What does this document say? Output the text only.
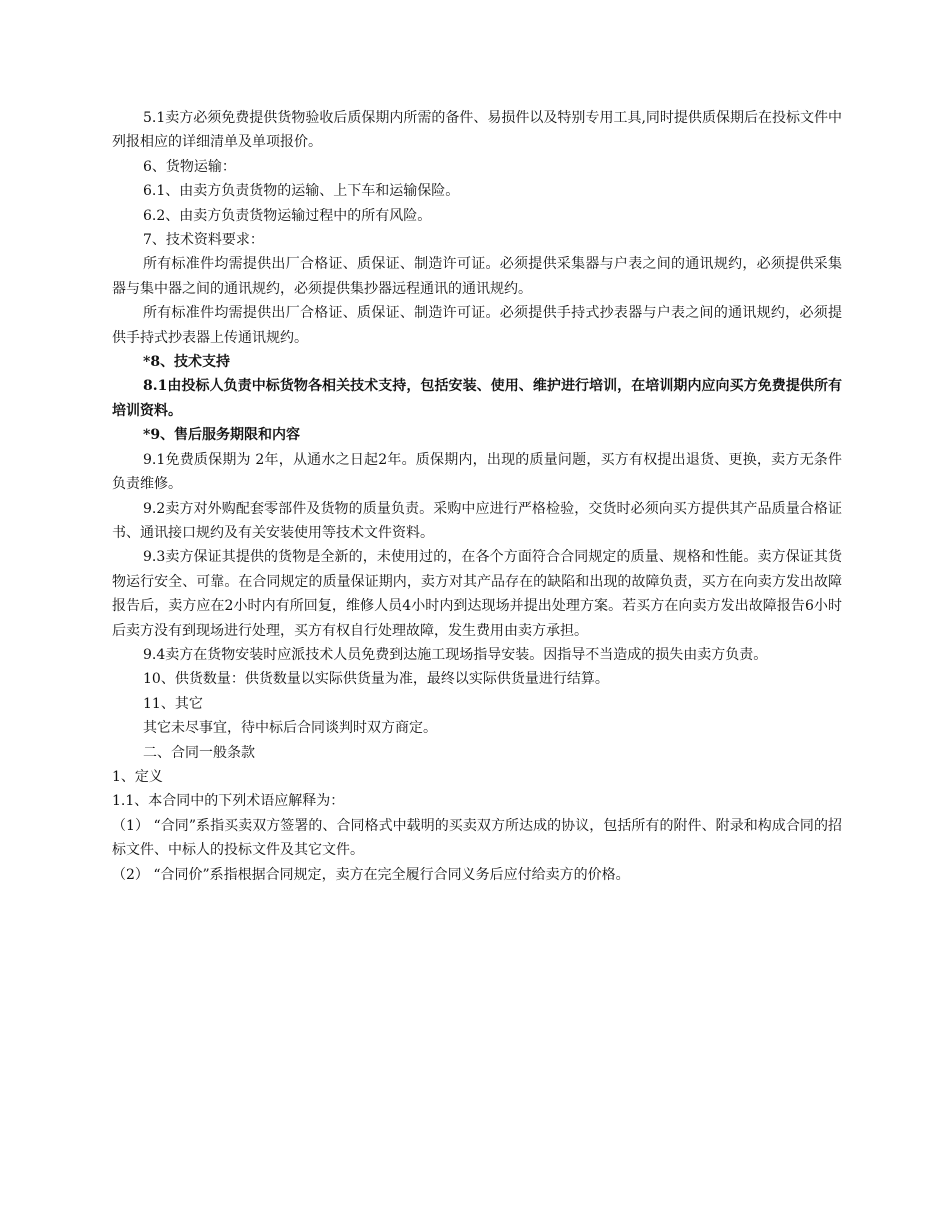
5.1卖方必须免费提供货物验收后质保期内所需的备件、易损件以及特别专用工具,同时提供质保期后在投标文件中列报相应的详细清单及单项报价。

6、货物运输：

6.1、由卖方负责货物的运输、上下车和运输保险。

6.2、由卖方负责货物运输过程中的所有风险。

7、技术资料要求：

所有标准件均需提供出厂合格证、质保证、制造许可证。必须提供采集器与户表之间的通讯规约，必须提供采集器与集中器之间的通讯规约，必须提供集抄器远程通讯的通讯规约。

所有标准件均需提供出厂合格证、质保证、制造许可证。必须提供手持式抄表器与户表之间的通讯规约，必须提供手持式抄表器上传通讯规约。

*8、技术支持

8.1由投标人负责中标货物各相关技术支持，包括安装、使用、维护进行培训，在培训期内应向买方免费提供所有培训资料。

*9、售后服务期限和内容

9.1免费质保期为 2年，从通水之日起2年。质保期内，出现的质量问题，买方有权提出退货、更换，卖方无条件负责维修。

9.2卖方对外购配套零部件及货物的质量负责。采购中应进行严格检验，交货时必须向买方提供其产品质量合格证书、通讯接口规约及有关安装使用等技术文件资料。

9.3卖方保证其提供的货物是全新的，未使用过的，在各个方面符合合同规定的质量、规格和性能。卖方保证其货物运行安全、可靠。在合同规定的质量保证期内，卖方对其产品存在的缺陷和出现的故障负责，买方在向卖方发出故障报告后，卖方应在2小时内有所回复，维修人员4小时内到达现场并提出处理方案。若买方在向卖方发出故障报告6小时后卖方没有到现场进行处理，买方有权自行处理故障，发生费用由卖方承担。

9.4卖方在货物安装时应派技术人员免费到达施工现场指导安装。因指导不当造成的损失由卖方负责。

10、供货数量：供货数量以实际供货量为准，最终以实际供货量进行结算。

11、其它

其它未尽事宜，待中标后合同谈判时双方商定。

二、合同一般条款

1、定义

1.1、本合同中的下列术语应解释为：

（1） “合同”系指买卖双方签署的、合同格式中载明的买卖双方所达成的协议，包括所有的附件、附录和构成合同的招标文件、中标人的投标文件及其它文件。

（2） “合同价”系指根据合同规定，卖方在完全履行合同义务后应付给卖方的价格。
